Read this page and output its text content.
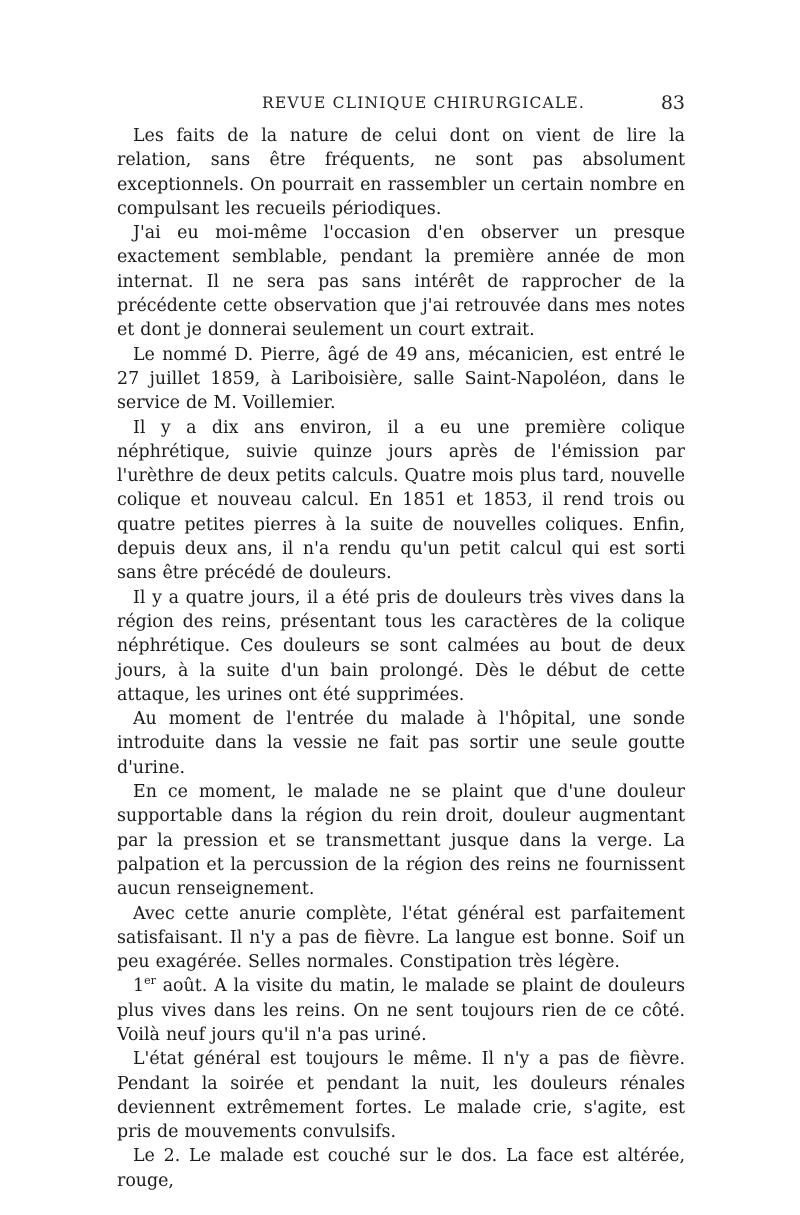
REVUE CLINIQUE CHIRURGICALE.	83

Les faits de la nature de celui dont on vient de lire la relation, sans être fréquents, ne sont pas absolument exceptionnels. On pourrait en rassembler un certain nombre en compulsant les recueils périodiques.

J'ai eu moi-même l'occasion d'en observer un presque exactement semblable, pendant la première année de mon internat. Il ne sera pas sans intérêt de rapprocher de la précédente cette observation que j'ai retrouvée dans mes notes et dont je donnerai seulement un court extrait.

Le nommé D. Pierre, âgé de 49 ans, mécanicien, est entré le 27 juillet 1859, à Lariboisière, salle Saint-Napoléon, dans le service de M. Voillemier.

Il y a dix ans environ, il a eu une première colique néphrétique, suivie quinze jours après de l'émission par l'urèthre de deux petits calculs. Quatre mois plus tard, nouvelle colique et nouveau calcul. En 1851 et 1853, il rend trois ou quatre petites pierres à la suite de nouvelles coliques. Enfin, depuis deux ans, il n'a rendu qu'un petit calcul qui est sorti sans être précédé de douleurs.

Il y a quatre jours, il a été pris de douleurs très vives dans la région des reins, présentant tous les caractères de la colique néphrétique. Ces douleurs se sont calmées au bout de deux jours, à la suite d'un bain prolongé. Dès le début de cette attaque, les urines ont été supprimées.

Au moment de l'entrée du malade à l'hôpital, une sonde introduite dans la vessie ne fait pas sortir une seule goutte d'urine.

En ce moment, le malade ne se plaint que d'une douleur supportable dans la région du rein droit, douleur augmentant par la pression et se transmettant jusque dans la verge. La palpation et la percussion de la région des reins ne fournissent aucun renseignement.

Avec cette anurie complète, l'état général est parfaitement satisfaisant. Il n'y a pas de fièvre. La langue est bonne. Soif un peu exagérée. Selles normales. Constipation très légère.

1er août. A la visite du matin, le malade se plaint de douleurs plus vives dans les reins. On ne sent toujours rien de ce côté. Voilà neuf jours qu'il n'a pas uriné.

L'état général est toujours le même. Il n'y a pas de fièvre. Pendant la soirée et pendant la nuit, les douleurs rénales deviennent extrêmement fortes. Le malade crie, s'agite, est pris de mouvements convulsifs.

Le 2. Le malade est couché sur le dos. La face est altérée, rouge,
